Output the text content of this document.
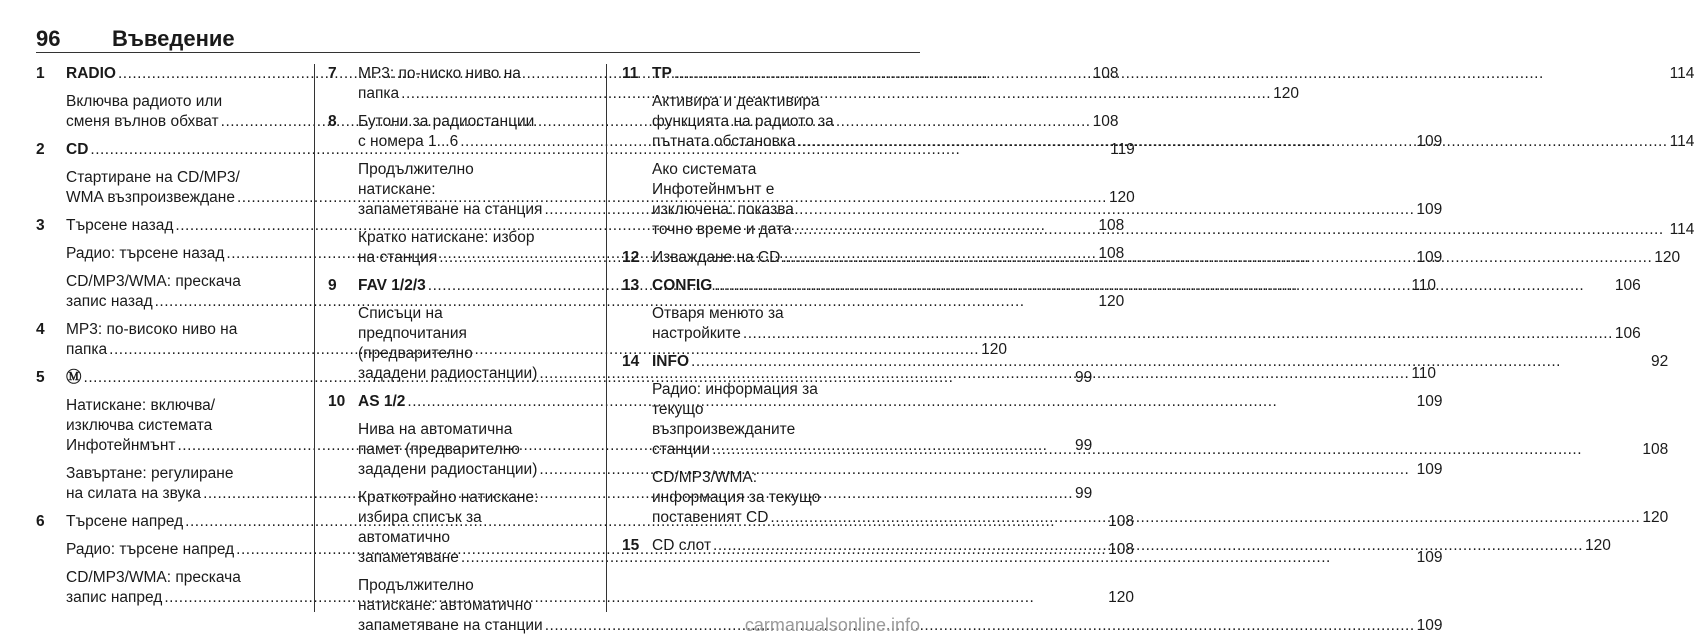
96 Въведение
1	RADIO .....	108
Включва радиото или
сменя вълнов обхват .....	108
2	CD .....	119
Стартиране на CD/MP3/
WMA възпроизвеждане .....	120
3	Търсене назад .....	108
Радио: търсене назад .....	108
CD/MP3/WMA: прескача
запис назад .....	120
4	MP3: по-високо ниво на
папка .....	120
5	Ⓜ .....	99
Натискане: включва/
изключва системата
Инфотейнмънт .....	99
Завъртане: регулиране
на силата на звука .....	99
6	Търсене напред .....	108
Радио: търсене напред .....	108
CD/MP3/WMA: прескача
запис напред .....	120
7	MP3: по-ниско ниво на
папка .....	120
8	Бутони за радиостанции
с номера 1...6 .....	109
Продължително
натискане:
запаметяване на станция .....	109
Кратко натискане: избор
на станция .....	109
9	FAV 1/2/3 .....	110
Списъци на
предпочитания
(предварително
зададени радиостанции) .....	110
10 AS 1/2 .....	109
Нива на автоматична
памет (предварително
зададени радиостанции) .....	109
Краткотрайно натискане:
избира списък за
автоматично
запаметяване .....	109
Продължително
натискане: автоматично
запаметяване на станции .....	109
11 TP .....	114
Активира и деактивира
функцията на радиото за
пътната обстановка .....	114
Ако системата
Инфотейнмънт е
изключена: показва
точно време и дата .....	114
12 Изваждане на CD .....	120
13 CONFIG .....	106
Отваря менюто за
настройките .....	106
14 INFO .....	92
Радио: информация за
текущо
възпроизвежданите
станции .....	108
CD/MP3/WMA:
информация за текущо
поставеният CD .....	120
15 CD слот .....	120
carmanualsonline.info
